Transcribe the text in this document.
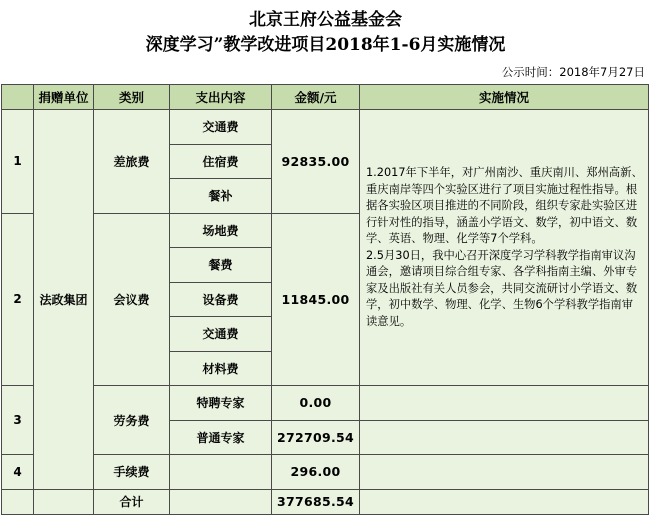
北京王府公益基金会
深度学习”教学改进项目2018年1-6月实施情况
公示时间：2018年7月27日
	捐赠单位	类别	支出内容	金额/元	实施情况
1	法政集团	差旅费	交通费	92835.00	1.2017年下半年，对广州南沙、重庆南川、郑州高新、重庆南岸等四个实验区进行了项目实施过程性指导。根据各实验区项目推进的不同阶段，组织专家赴实验区进行针对性的指导，涵盖小学语文、数学，初中语文、数学、英语、物理、化学等7个学科。
2.5月30日，我中心召开深度学习学科教学指南审议沟通会，邀请项目综合组专家、各学科指南主编、外审专家及出版社有关人员参会，共同交流研讨小学语文、数学，初中数学、物理、化学、生物6个学科教学指南审读意见。
			住宿费		
			餐补		
2		会议费	场地费	11845.00	
			餐费		
			设备费		
			交通费		
			材料费		
3		劳务费	特聘专家	0.00	
			普通专家	272709.54	
4		手续费		296.00	
		合计		377685.54	
